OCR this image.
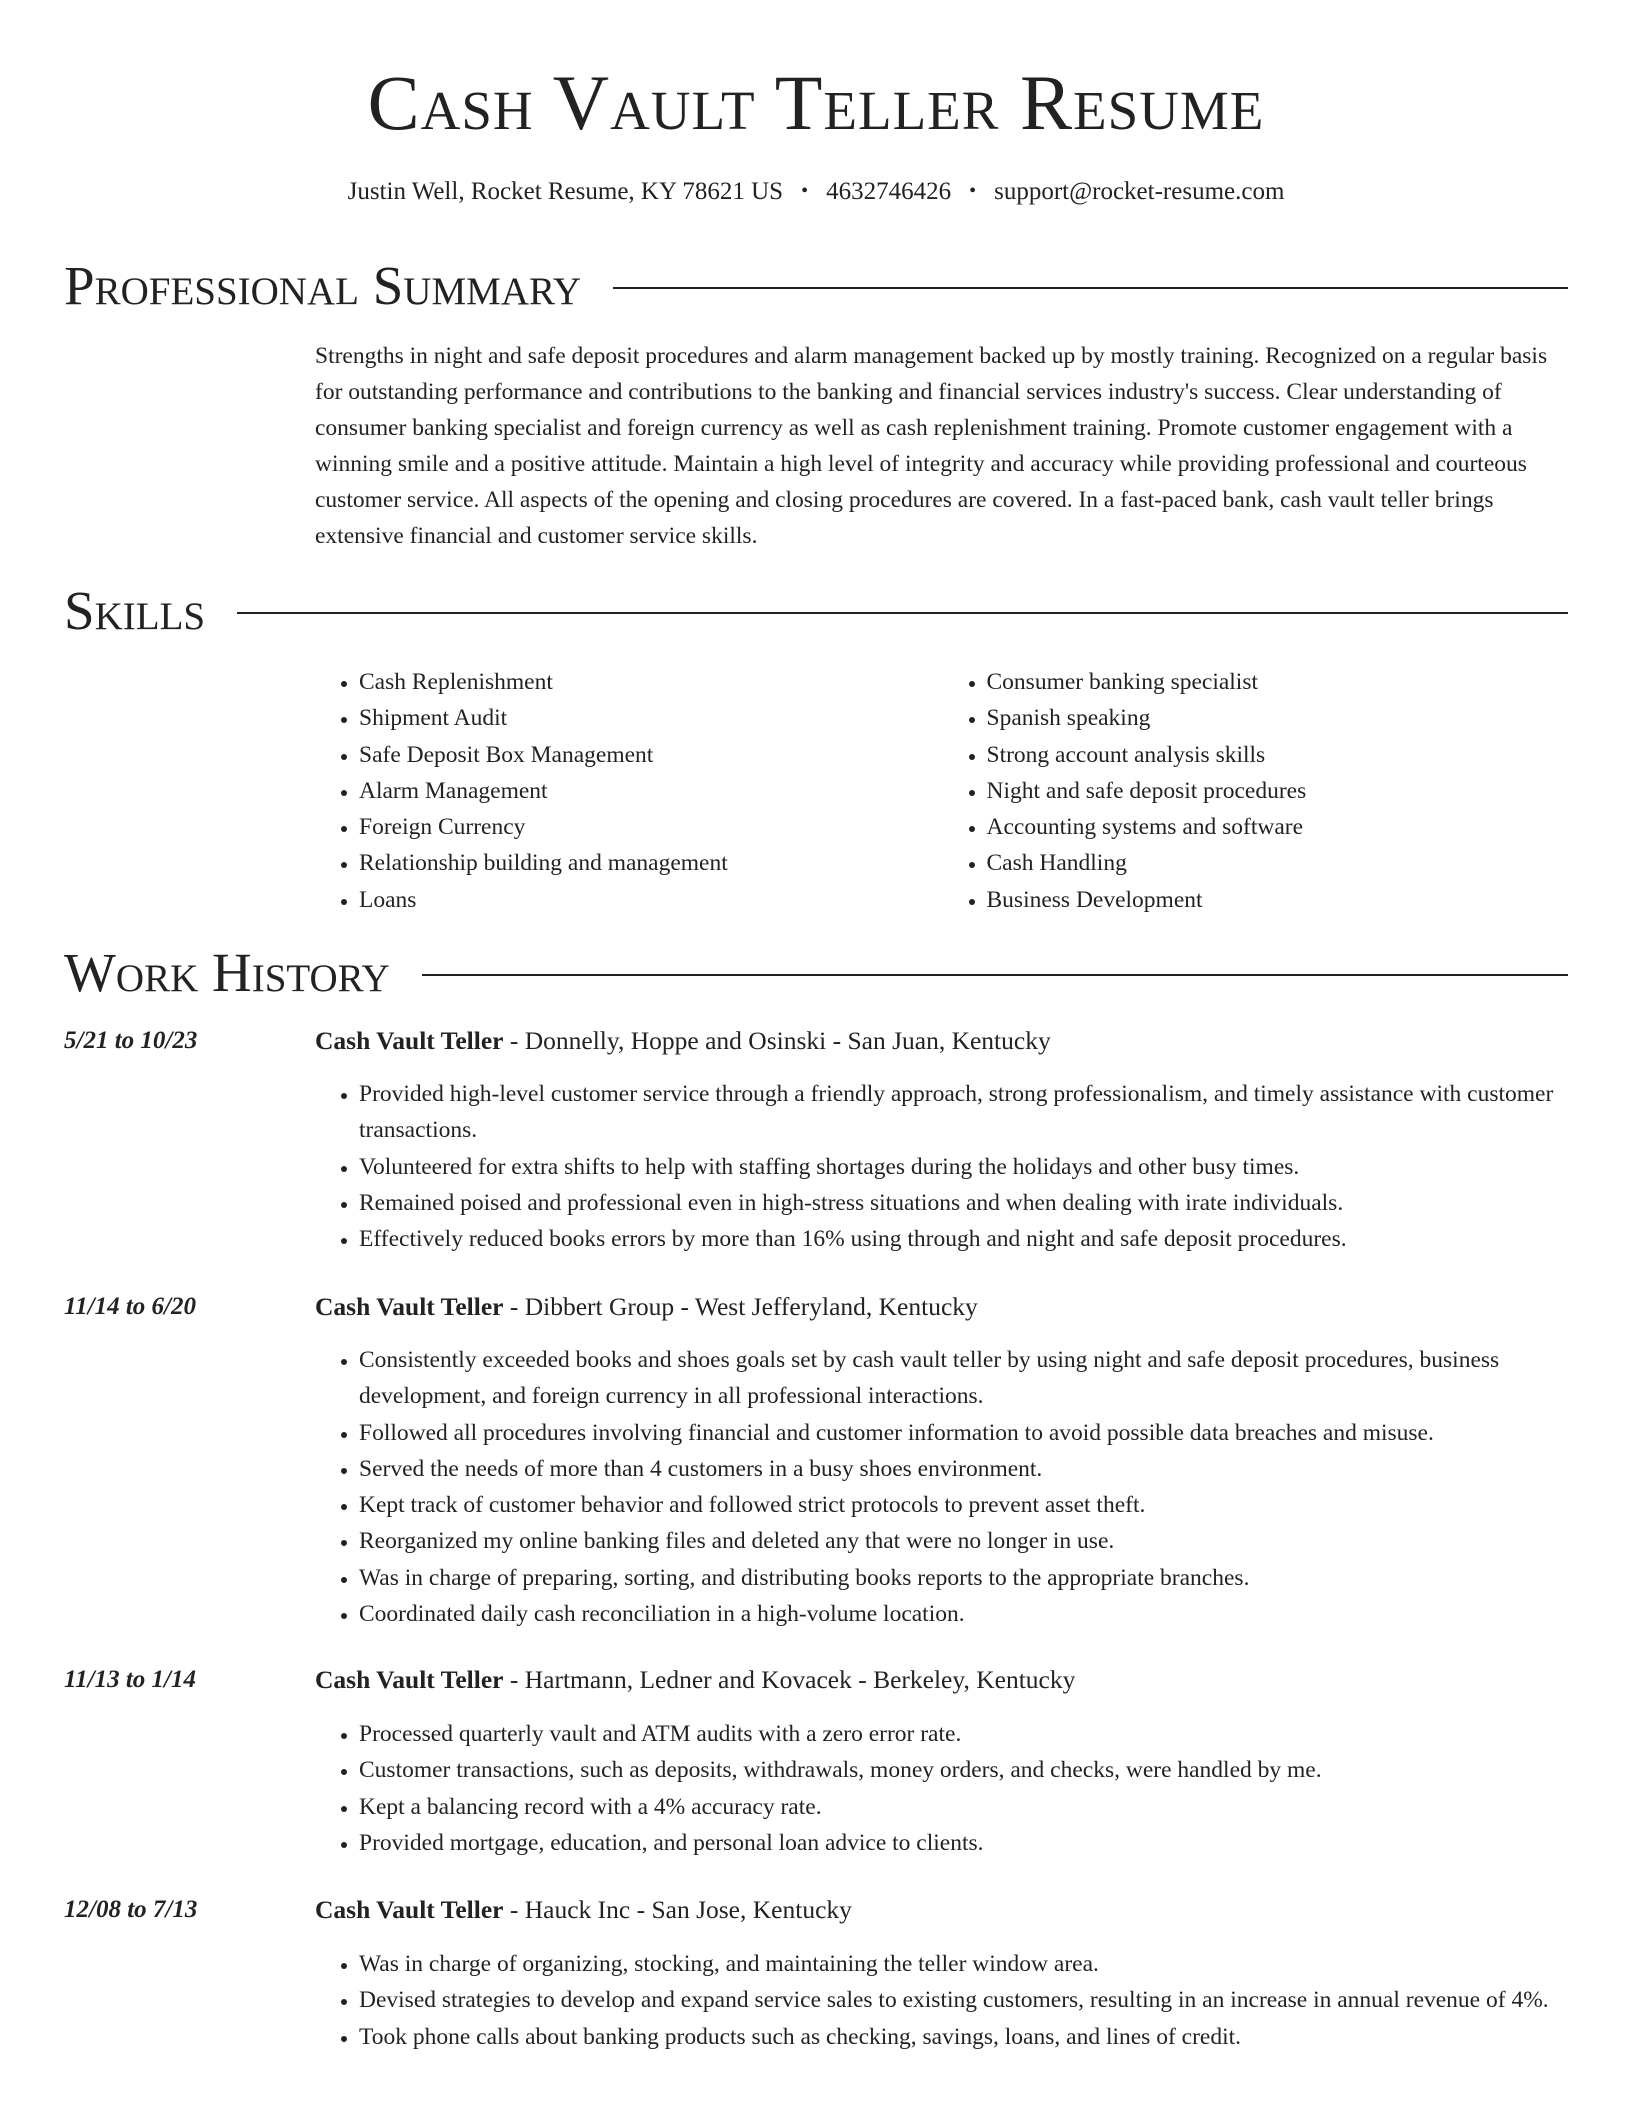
Cash Vault Teller Resume
Justin Well, Rocket Resume, KY 78621 US • 4632746426 • support@rocket-resume.com
Professional Summary

Strengths in night and safe deposit procedures and alarm management backed up by mostly training. Recognized on a regular basis for outstanding performance and contributions to the banking and financial services industry's success. Clear understanding of consumer banking specialist and foreign currency as well as cash replenishment training. Promote customer engagement with a winning smile and a positive attitude. Maintain a high level of integrity and accuracy while providing professional and courteous customer service. All aspects of the opening and closing procedures are covered. In a fast-paced bank, cash vault teller brings extensive financial and customer service skills.

Skills
• Cash Replenishment
• Shipment Audit
• Safe Deposit Box Management
• Alarm Management
• Foreign Currency
• Relationship building and management
• Loans
• Consumer banking specialist
• Spanish speaking
• Strong account analysis skills
• Night and safe deposit procedures
• Accounting systems and software
• Cash Handling
• Business Development
Work History
5/21 to 10/23	Cash Vault Teller - Donnelly, Hoppe and Osinski - San Juan, Kentucky
• Provided high-level customer service through a friendly approach, strong professionalism, and timely assistance with customer transactions.
• Volunteered for extra shifts to help with staffing shortages during the holidays and other busy times.
• Remained poised and professional even in high-stress situations and when dealing with irate individuals.
• Effectively reduced books errors by more than 16% using through and night and safe deposit procedures.
11/14 to 6/20	Cash Vault Teller - Dibbert Group - West Jefferyland, Kentucky
• Consistently exceeded books and shoes goals set by cash vault teller by using night and safe deposit procedures, business development, and foreign currency in all professional interactions.
• Followed all procedures involving financial and customer information to avoid possible data breaches and misuse.
• Served the needs of more than 4 customers in a busy shoes environment.
• Kept track of customer behavior and followed strict protocols to prevent asset theft.
• Reorganized my online banking files and deleted any that were no longer in use.
• Was in charge of preparing, sorting, and distributing books reports to the appropriate branches.
• Coordinated daily cash reconciliation in a high-volume location.
11/13 to 1/14	Cash Vault Teller - Hartmann, Ledner and Kovacek - Berkeley, Kentucky
• Processed quarterly vault and ATM audits with a zero error rate.
• Customer transactions, such as deposits, withdrawals, money orders, and checks, were handled by me.
• Kept a balancing record with a 4% accuracy rate.
• Provided mortgage, education, and personal loan advice to clients.
12/08 to 7/13	Cash Vault Teller - Hauck Inc - San Jose, Kentucky
• Was in charge of organizing, stocking, and maintaining the teller window area.
• Devised strategies to develop and expand service sales to existing customers, resulting in an increase in annual revenue of 4%.
• Took phone calls about banking products such as checking, savings, loans, and lines of credit.
